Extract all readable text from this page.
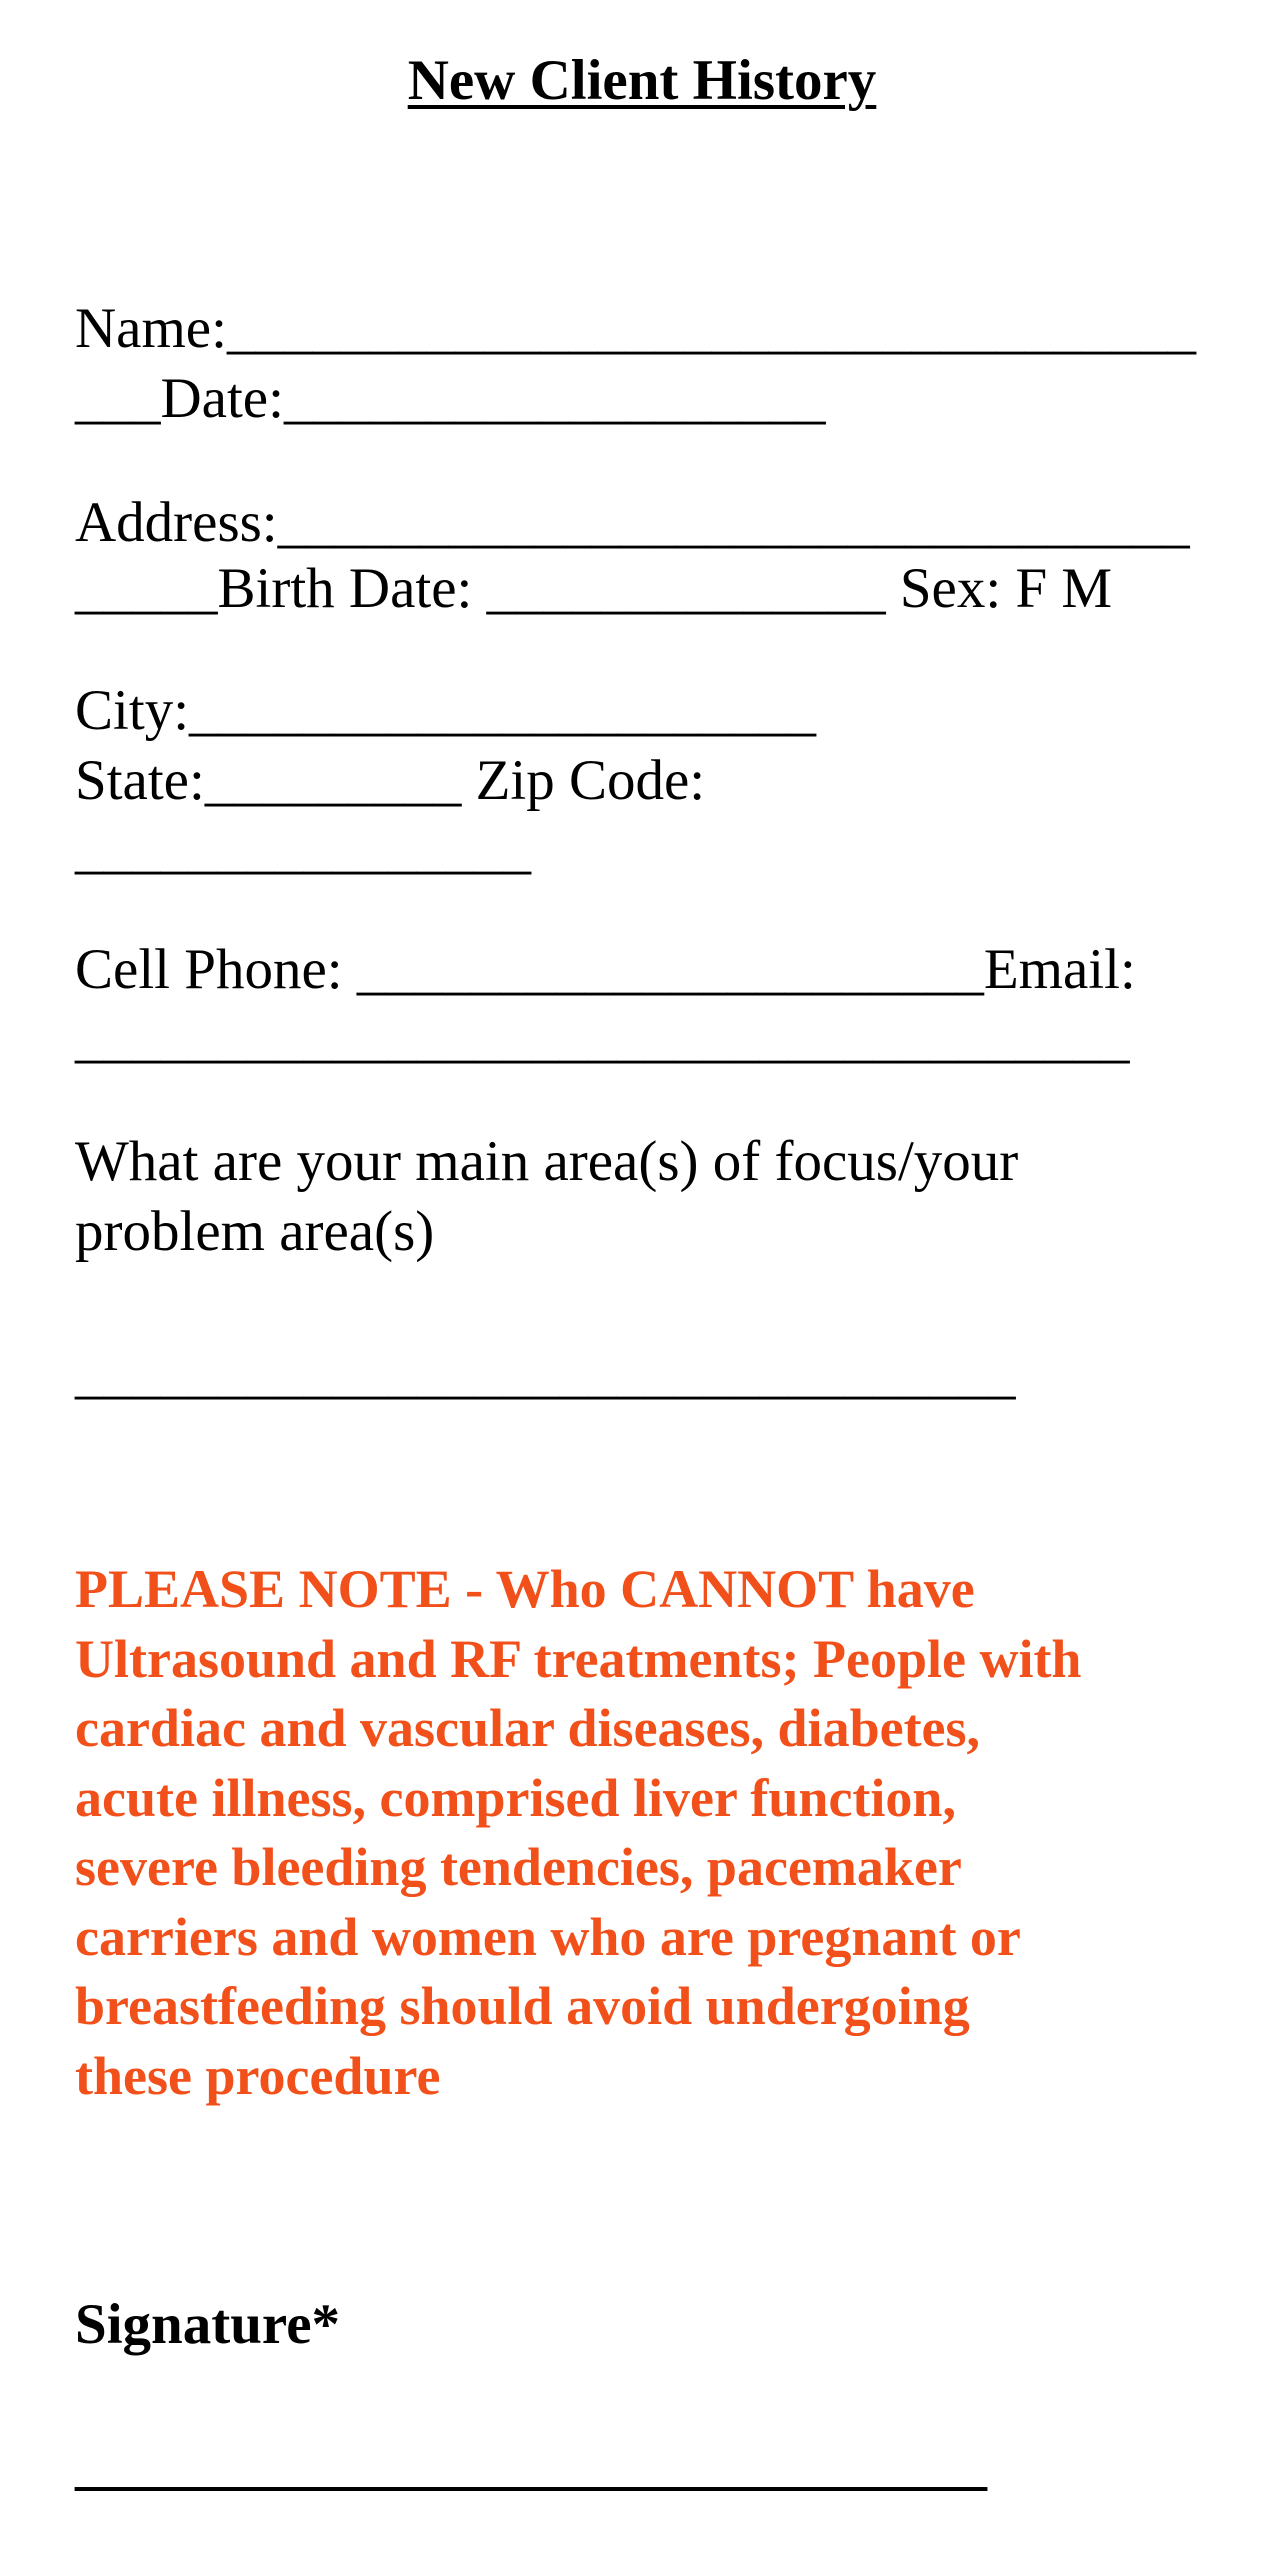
New Client History
Name:__________________________________
___Date:___________________
Address:________________________________
_____Birth Date: ______________ Sex: F M
City:______________________
State:_________ Zip Code:
________________
Cell Phone: ______________________Email:
_____________________________________
What are your main area(s) of focus/your
problem area(s)
_________________________________
PLEASE NOTE - Who CANNOT have
Ultrasound and RF treatments; People with
cardiac and vascular diseases, diabetes,
acute illness, comprised liver function,
severe bleeding tendencies, pacemaker
carriers and women who are pregnant or
breastfeeding should avoid undergoing
these procedure
Signature*
________________________________
